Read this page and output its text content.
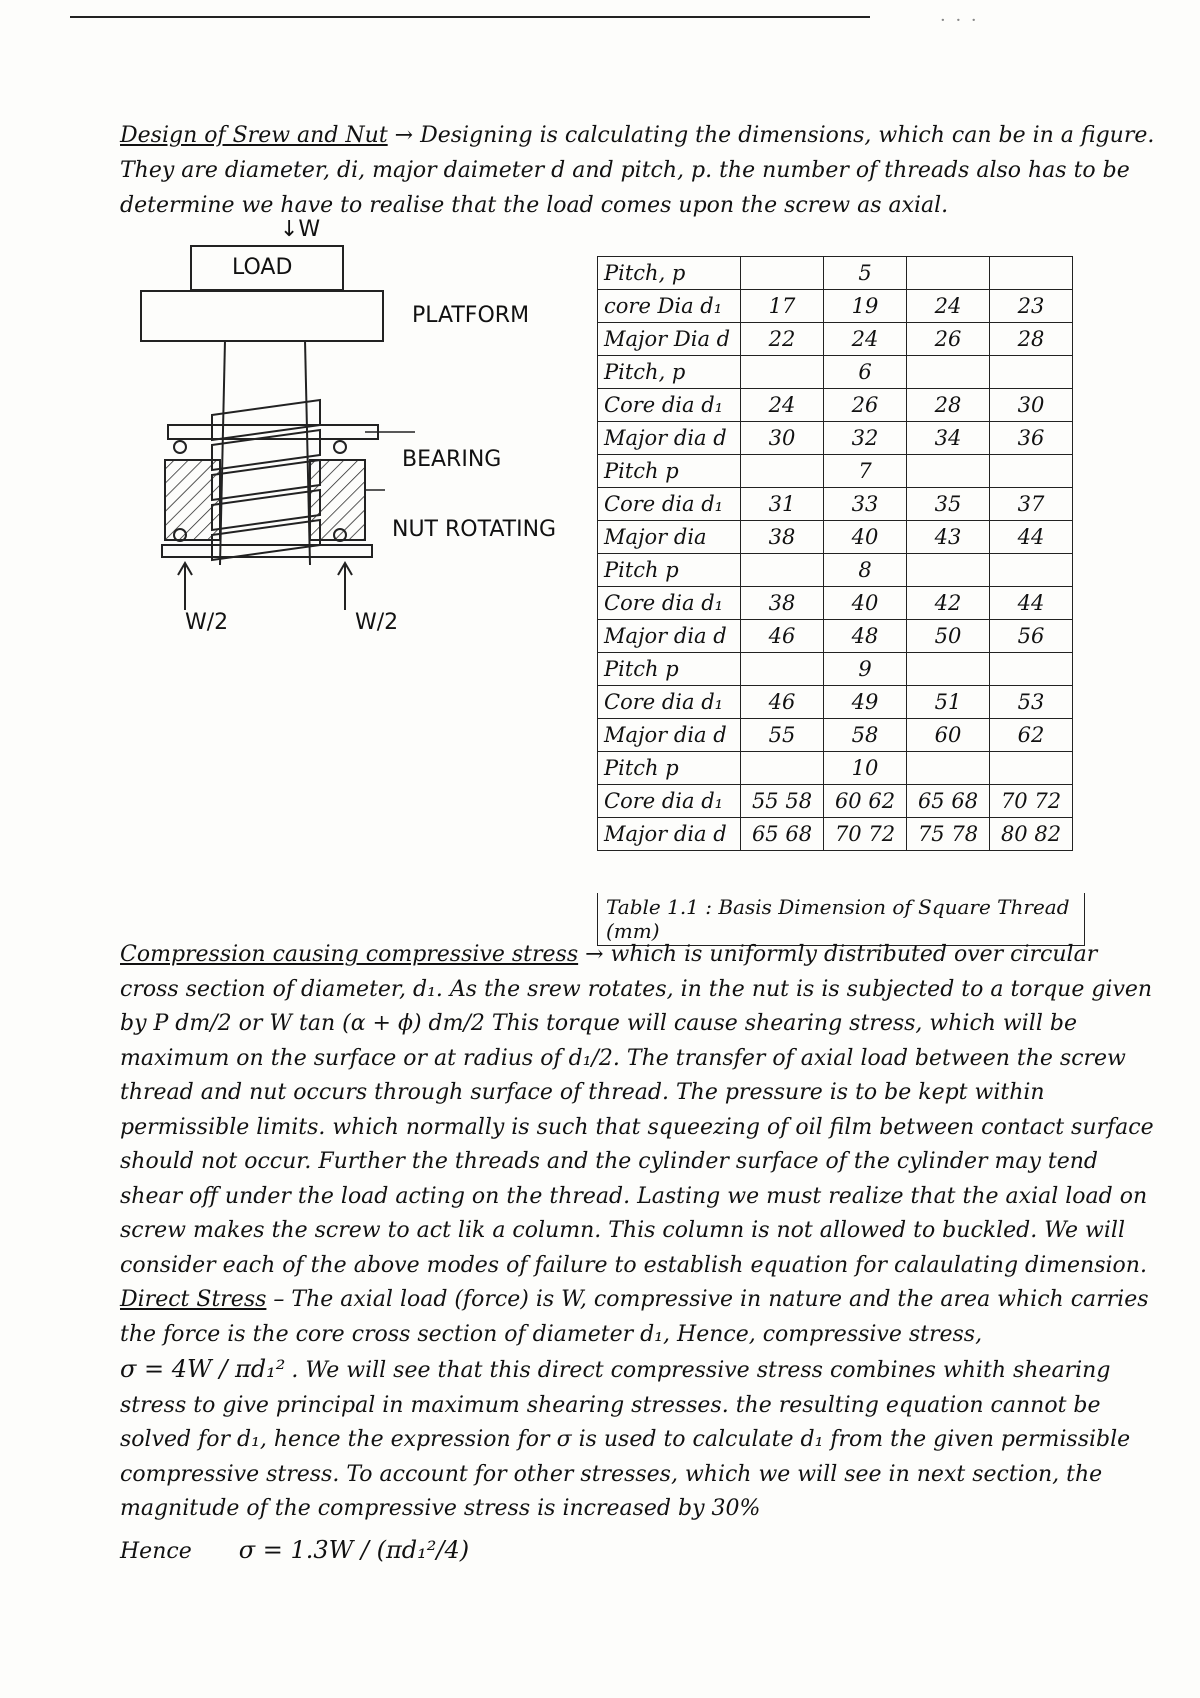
· · ·
Design of Srew and Nut → Designing is calculating the dimensions, which can be in a figure. They are diameter, di, major daimeter d and pitch, p. the number of threads also has to be determine we have to realise that the load comes upon the screw as axial.
↓W
LOAD
PLATFORM
BEARING
NUT ROTATING
W/2	W/2
Pitch, p		5		
core Dia d₁	17	19	24	23
Major Dia d	22	24	26	28
Pitch, p		6		
Core dia d₁	24	26	28	30
Major dia d	30	32	34	36
Pitch p		7		
Core dia d₁	31	33	35	37
Major dia	38	40	43	44
Pitch p		8		
Core dia d₁	38	40	42	44
Major dia d	46	48	50	56
Pitch p		9		
Core dia d₁	46	49	51	53
Major dia d	55	58	60	62
Pitch p		10		
Core dia d₁	55 58	60 62	65 68	70 72
Major dia d	65 68	70 72	75 78	80 82
Table 1.1 : Basis Dimension of Square Thread (mm)
Compression causing compressive stress → which is uniformly distributed over circular cross section of diameter, d₁. As the srew rotates, in the nut is is subjected to a torque given by P dm/2 or W tan (α + ϕ) dm/2 This torque will cause shearing stress, which will be maximum on the surface or at radius of d₁/2. The transfer of axial load between the screw thread and nut occurs through surface of thread. The pressure is to be kept within permissible limits. which normally is such that squeezing of oil film between contact surface should not occur. Further the threads and the cylinder surface of the cylinder may tend shear off under the load acting on the thread. Lasting we must realize that the axial load on screw makes the screw to act lik a column. This column is not allowed to buckled. We will consider each of the above modes of failure to establish equation for calaulating dimension.
Direct Stress – The axial load (force) is W, compressive in nature and the area which carries the force is the core cross section of diameter d₁, Hence, compressive stress,
σ = 4W / πd₁² . We will see that this direct compressive stress combines whith shearing stress to give principal in maximum shearing stresses. the resulting equation cannot be solved for d₁, hence the expression for σ is used to calculate d₁ from the given permissible compressive stress. To account for other stresses, which we will see in next section, the magnitude of the compressive stress is increased by 30%
Hence σ = 1.3W / (πd₁²/4)
